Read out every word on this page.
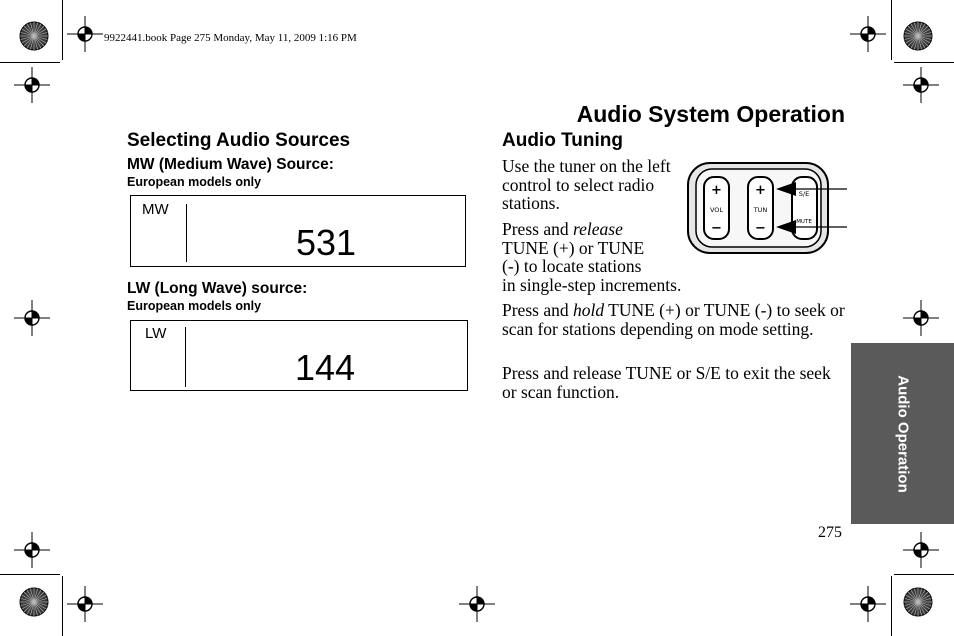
9922441.book Page 275 Monday, May 11, 2009 1:16 PM
Audio System Operation
Selecting Audio Sources
MW (Medium Wave) Source:
European models only
MW
531
LW (Long Wave) source:
European models only
LW
144
Audio Tuning
Use the tuner on the left control to select radio stations.
Press and release
TUNE (+) or TUNE
(-) to locate stations
in single-step increments.
Press and hold TUNE (+) or TUNE (-) to seek or scan for stations depending on mode setting.
Press and release TUNE or S/E to exit the seek or scan function.
+
VOL
−
+
TUN
−
S/E
MUTE
Audio Operation
275
